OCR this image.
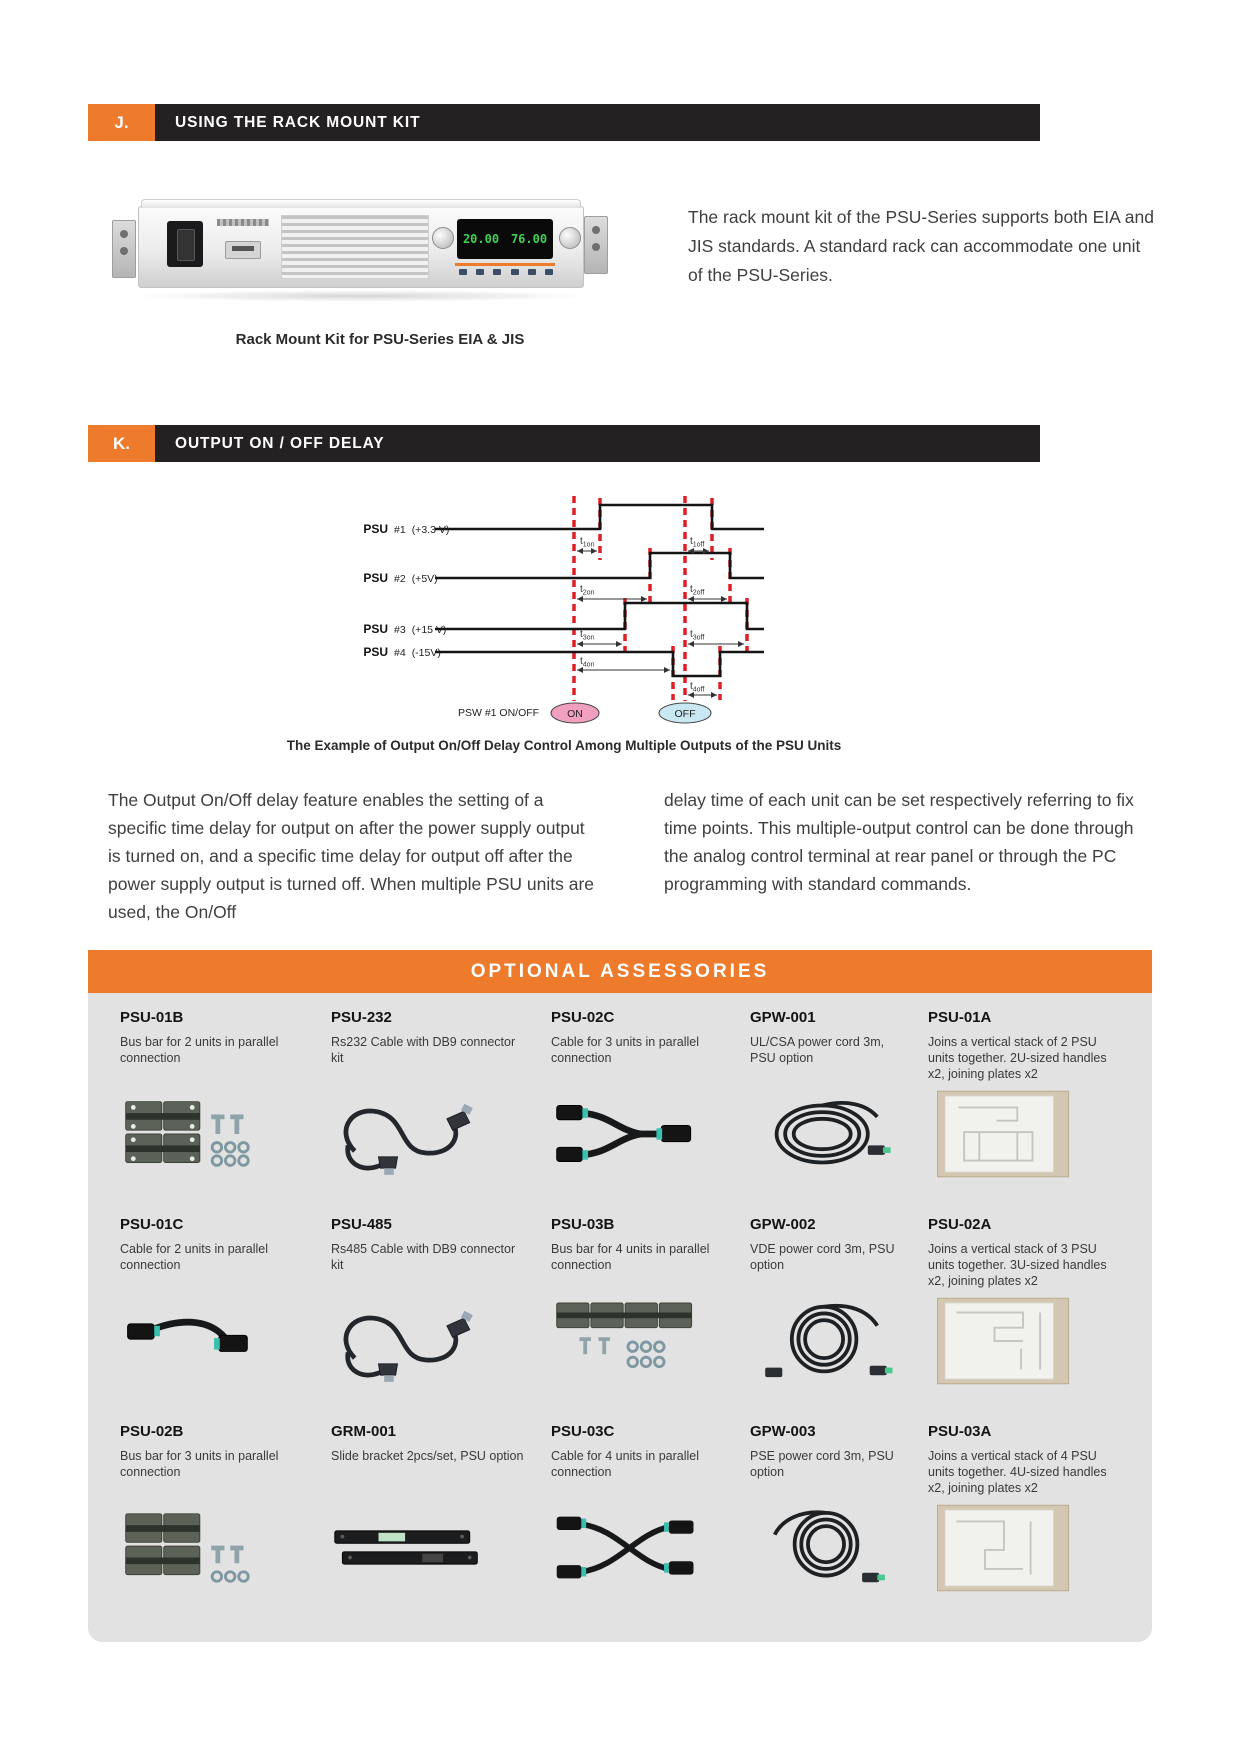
J.	USING THE RACK MOUNT KIT
20.00 76.00
Rack Mount Kit for PSU-Series EIA & JIS
The rack mount kit of the PSU-Series supports both EIA and JIS standards. A standard rack can accommodate one unit of the PSU-Series.
K.	OUTPUT ON / OFF DELAY
PSU #1 (+3.3 V)
PSU #2 (+5V)
PSU #3 (+15 V)
PSU #4 (-15V)
$t_{1on}$	$t_{1off}$
$t_{2on}$	$t_{2off}$
$t_{3on}$	$t_{3off}$
$t_{4on}$
$t_{4off}$
PSW #1 ON/OFF	ON	OFF
The Example of Output On/Off Delay Control Among Multiple Outputs of the PSU Units
The Output On/Off delay feature enables the setting of a specific time delay for output on after the power supply output is turned on, and a specific time delay for output off after the power supply output is turned off. When multiple PSU units are used, the On/Off
delay time of each unit can be set respectively referring to fix time points. This multiple-output control can be done through the analog control terminal at rear panel or through the PC programming with standard commands.
OPTIONAL ASSESSORIES
PSU-01B

Bus bar for 2 units in parallel connection

PSU-232

Rs232 Cable with DB9 connector kit

PSU-02C

Cable for 3 units in parallel connection

GPW-001

UL/CSA power cord 3m, PSU option

PSU-01A

Joins a vertical stack of 2 PSU units together. 2U-sized handles x2, joining plates x2

PSU-01C

Cable for 2 units in parallel connection

PSU-485

Rs485 Cable with DB9 connector kit

PSU-03B

Bus bar for 4 units in parallel connection

GPW-002

VDE power cord 3m, PSU option

PSU-02A

Joins a vertical stack of 3 PSU units together. 3U-sized handles x2, joining plates x2

PSU-02B

Bus bar for 3 units in parallel connection

GRM-001

Slide bracket 2pcs/set, PSU option

PSU-03C

Cable for 4 units in parallel connection

GPW-003

PSE power cord 3m, PSU option

PSU-03A

Joins a vertical stack of 4 PSU units together. 4U-sized handles x2, joining plates x2
